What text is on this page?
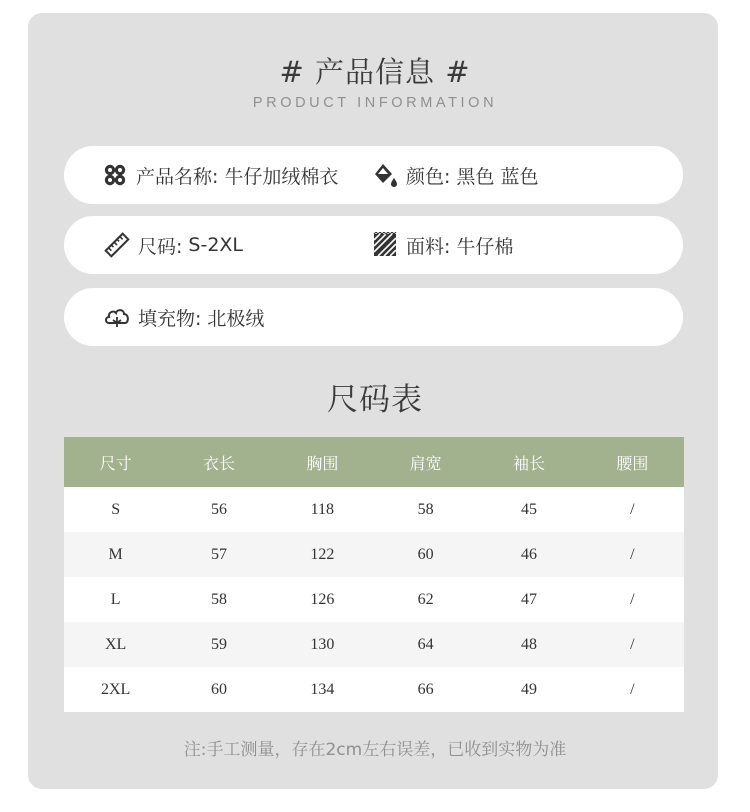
# 产品信息 #
PRODUCT INFORMATION
产品名称: 牛仔加绒棉衣	颜色: 黑色 蓝色
尺码: S-2XL	面料: 牛仔棉
填充物: 北极绒
尺码表
尺寸	衣长	胸围	肩宽	袖长	腰围
S	56	118	58	45	/
M	57	122	60	46	/
L	58	126	62	47	/
XL	59	130	64	48	/
2XL	60	134	66	49	/
注:手工测量，存在2cm左右误差，已收到实物为准
